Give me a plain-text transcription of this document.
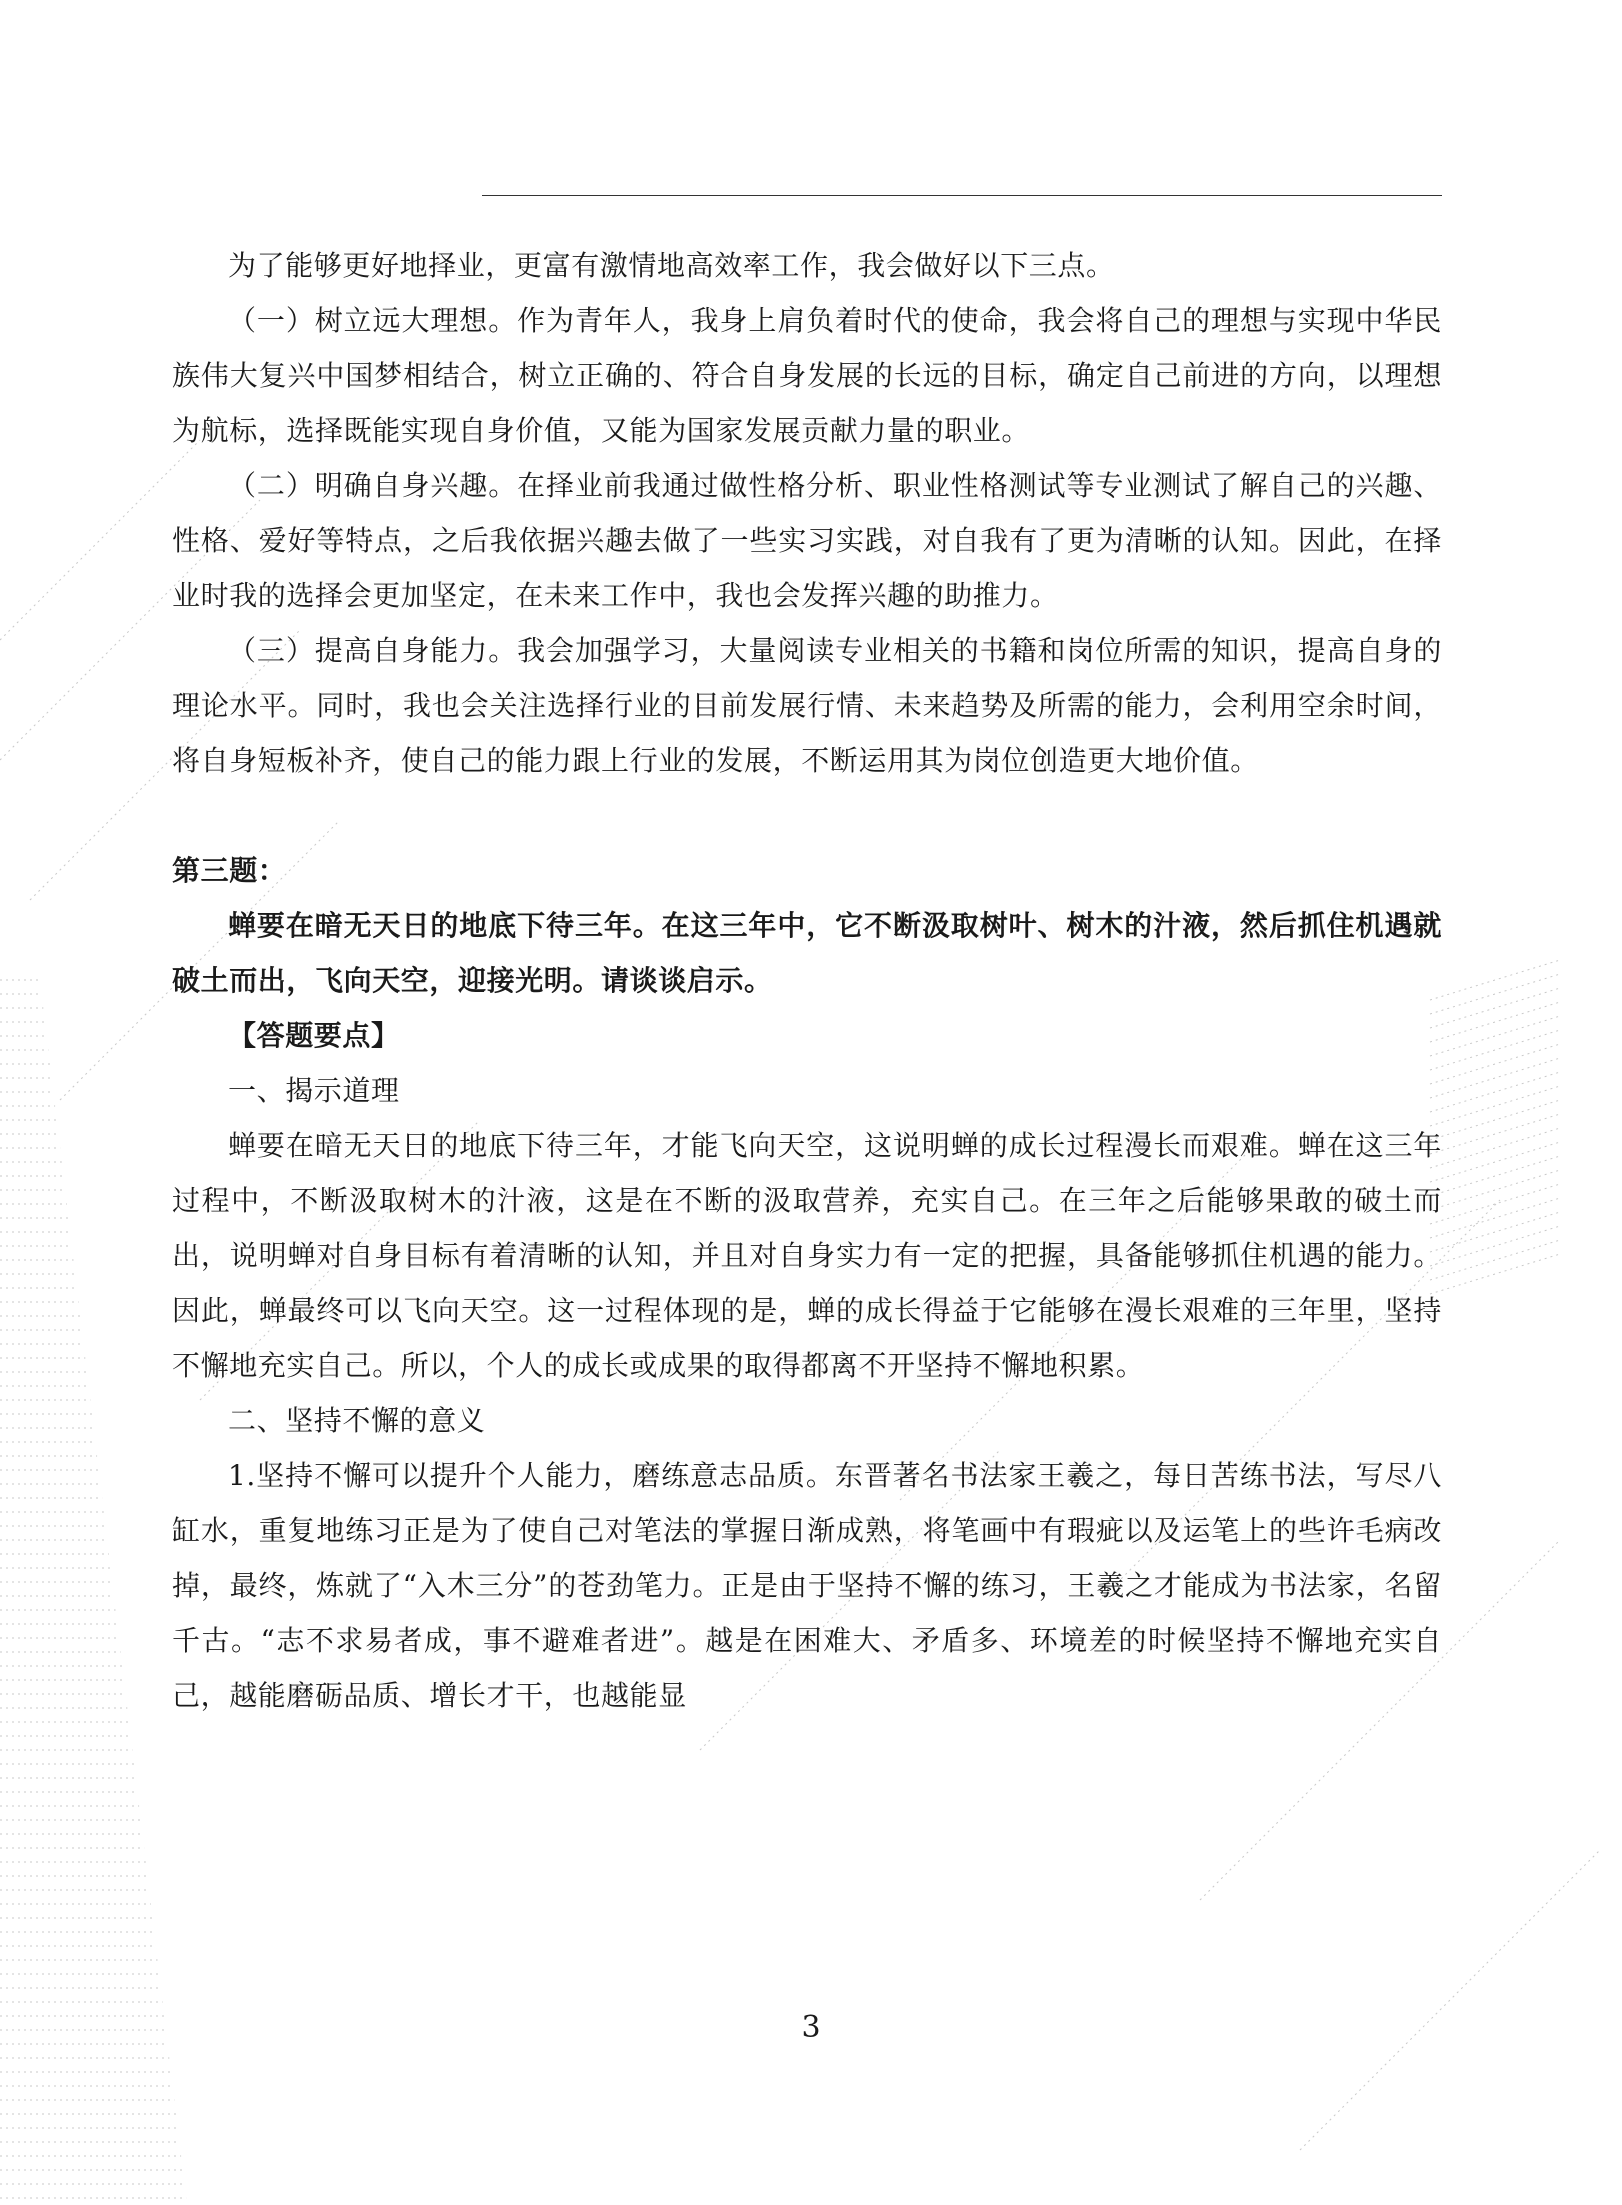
为了能够更好地择业，更富有激情地高效率工作，我会做好以下三点。

（一）树立远大理想。作为青年人，我身上肩负着时代的使命，我会将自己的理想与实现中华民族伟大复兴中国梦相结合，树立正确的、符合自身发展的长远的目标，确定自己前进的方向，以理想为航标，选择既能实现自身价值，又能为国家发展贡献力量的职业。

（二）明确自身兴趣。在择业前我通过做性格分析、职业性格测试等专业测试了解自己的兴趣、性格、爱好等特点，之后我依据兴趣去做了一些实习实践，对自我有了更为清晰的认知。因此，在择业时我的选择会更加坚定，在未来工作中，我也会发挥兴趣的助推力。

（三）提高自身能力。我会加强学习，大量阅读专业相关的书籍和岗位所需的知识，提高自身的理论水平。同时，我也会关注选择行业的目前发展行情、未来趋势及所需的能力，会利用空余时间，将自身短板补齐，使自己的能力跟上行业的发展，不断运用其为岗位创造更大地价值。

第三题：

蝉要在暗无天日的地底下待三年。在这三年中，它不断汲取树叶、树木的汁液，然后抓住机遇就破土而出，飞向天空，迎接光明。请谈谈启示。

【答题要点】

一、揭示道理

蝉要在暗无天日的地底下待三年，才能飞向天空，这说明蝉的成长过程漫长而艰难。蝉在这三年过程中，不断汲取树木的汁液，这是在不断的汲取营养，充实自己。在三年之后能够果敢的破土而出，说明蝉对自身目标有着清晰的认知，并且对自身实力有一定的把握，具备能够抓住机遇的能力。因此，蝉最终可以飞向天空。这一过程体现的是，蝉的成长得益于它能够在漫长艰难的三年里，坚持不懈地充实自己。所以，个人的成长或成果的取得都离不开坚持不懈地积累。

二、坚持不懈的意义

1.坚持不懈可以提升个人能力，磨练意志品质。东晋著名书法家王羲之，每日苦练书法，写尽八缸水，重复地练习正是为了使自己对笔法的掌握日渐成熟，将笔画中有瑕疵以及运笔上的些许毛病改掉，最终，炼就了“入木三分”的苍劲笔力。正是由于坚持不懈的练习，王羲之才能成为书法家，名留千古。“志不求易者成，事不避难者进”。越是在困难大、矛盾多、环境差的时候坚持不懈地充实自己，越能磨砺品质、增长才干，也越能显

3
